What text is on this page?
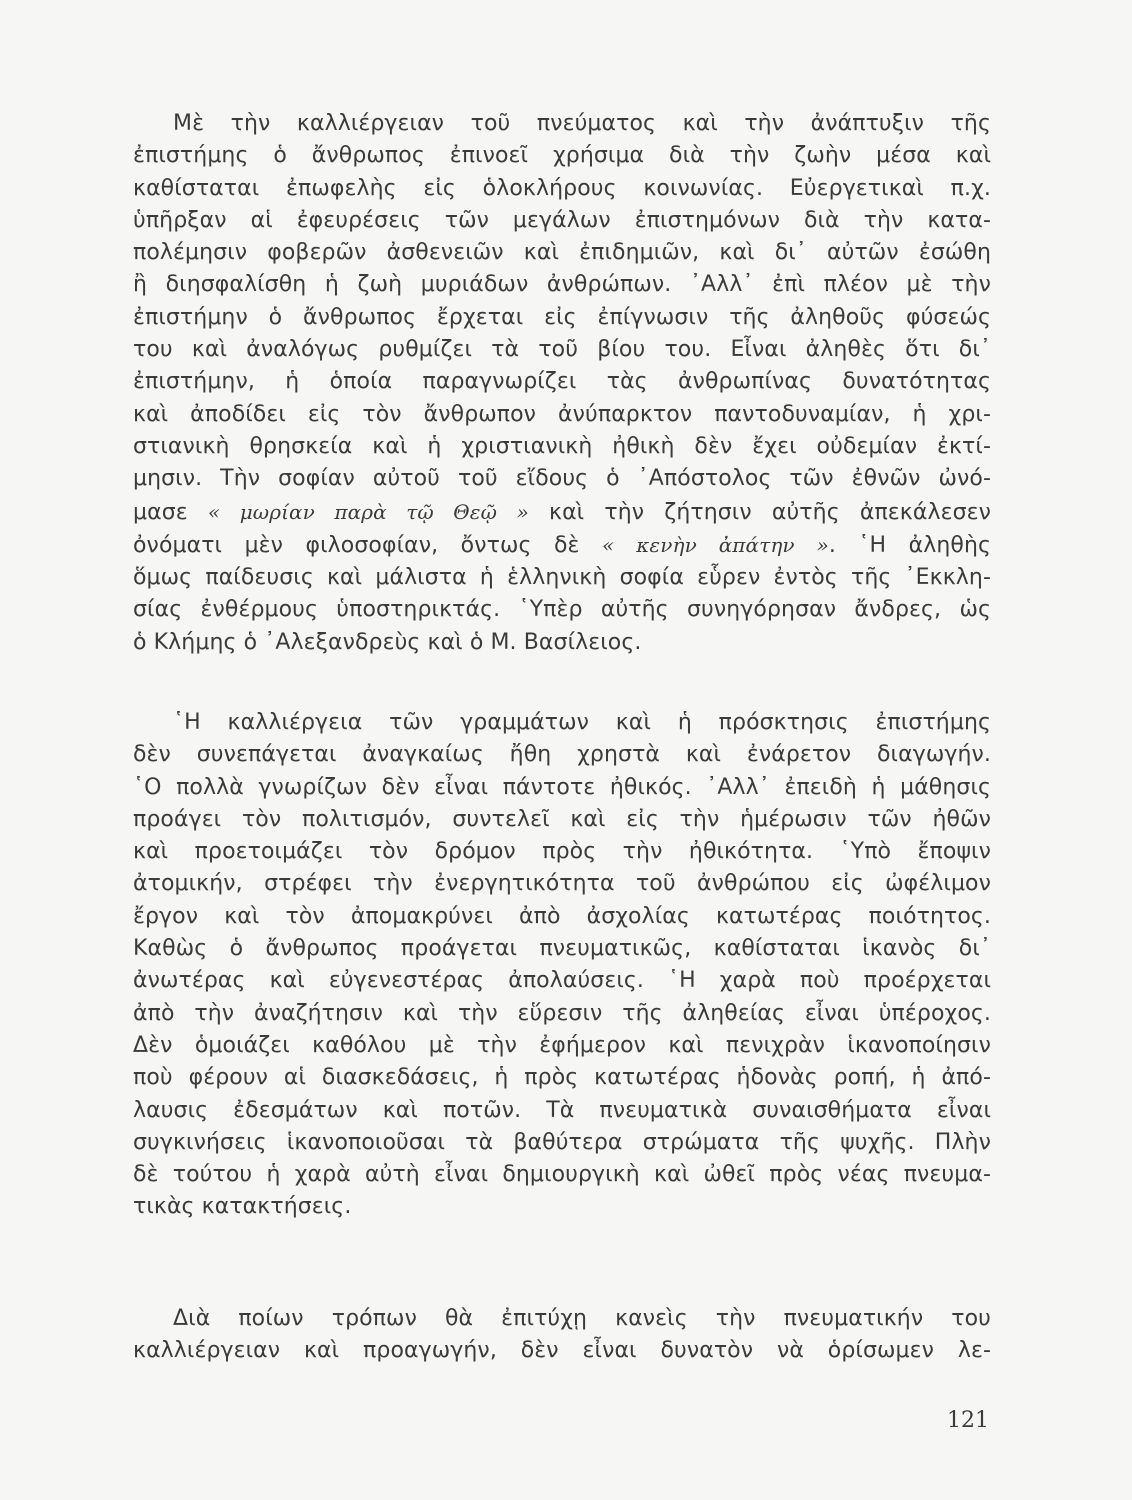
Μὲ τὴν καλλιέργειαν τοῦ πνεύματος καὶ τὴν ἀνάπτυξιν τῆς
ἐπιστήμης ὁ ἄνθρωπος ἐπινοεῖ χρήσιμα διὰ τὴν ζωὴν μέσα καὶ
καθίσταται ἐπωφελὴς εἰς ὁλοκλήρους κοινωνίας. Εὐεργετικαὶ π.χ.
ὑπῆρξαν αἱ ἐφευρέσεις τῶν μεγάλων ἐπιστημόνων διὰ τὴν κατα-
πολέμησιν φοβερῶν ἀσθενειῶν καὶ ἐπιδημιῶν, καὶ δι᾽ αὐτῶν ἐσώθη
ἢ διησφαλίσθη ἡ ζωὴ μυριάδων ἀνθρώπων. ᾽Αλλ᾽ ἐπὶ πλέον μὲ τὴν
ἐπιστήμην ὁ ἄνθρωπος ἔρχεται εἰς ἐπίγνωσιν τῆς ἀληθοῦς φύσεώς
του καὶ ἀναλόγως ρυθμίζει τὰ τοῦ βίου του. Εἶναι ἀληθὲς ὅτι δι᾽
ἐπιστήμην, ἡ ὁποία παραγνωρίζει τὰς ἀνθρωπίνας δυνατότητας
καὶ ἀποδίδει εἰς τὸν ἄνθρωπον ἀνύπαρκτον παντοδυναμίαν, ἡ χρι-
στιανικὴ θρησκεία καὶ ἡ χριστιανικὴ ἠθικὴ δὲν ἔχει οὐδεμίαν ἐκτί-
μησιν. Τὴν σοφίαν αὐτοῦ τοῦ εἴδους ὁ ᾽Απόστολος τῶν ἐθνῶν ὠνό-
μασε « μωρίαν παρὰ τῷ Θεῷ » καὶ τὴν ζήτησιν αὐτῆς ἀπεκάλεσεν
ὀνόματι μὲν φιλοσοφίαν, ὄντως δὲ « κενὴν ἀπάτην ». ῾Η ἀληθὴς
ὅμως παίδευσις καὶ μάλιστα ἡ ἑλληνικὴ σοφία εὗρεν ἐντὸς τῆς ᾽Εκκλη-
σίας ἐνθέρμους ὑποστηρικτάς. ῾Υπὲρ αὐτῆς συνηγόρησαν ἄνδρες, ὡς
ὁ Κλήμης ὁ ᾽Αλεξανδρεὺς καὶ ὁ Μ. Βασίλειος.
῾Η καλλιέργεια τῶν γραμμάτων καὶ ἡ πρόσκτησις ἐπιστήμης
δὲν συνεπάγεται ἀναγκαίως ἤθη χρηστὰ καὶ ἐνάρετον διαγωγήν.
῾Ο πολλὰ γνωρίζων δὲν εἶναι πάντοτε ἠθικός. ᾽Αλλ᾽ ἐπειδὴ ἡ μάθησις
προάγει τὸν πολιτισμόν, συντελεῖ καὶ εἰς τὴν ἡμέρωσιν τῶν ἠθῶν
καὶ προετοιμάζει τὸν δρόμον πρὸς τὴν ἠθικότητα. ῾Υπὸ ἔποψιν
ἀτομικήν, στρέφει τὴν ἐνεργητικότητα τοῦ ἀνθρώπου εἰς ὠφέλιμον
ἔργον καὶ τὸν ἀπομακρύνει ἀπὸ ἀσχολίας κατωτέρας ποιότητος.
Καθὼς ὁ ἄνθρωπος προάγεται πνευματικῶς, καθίσταται ἱκανὸς δι᾽
ἀνωτέρας καὶ εὐγενεστέρας ἀπολαύσεις. ῾Η χαρὰ ποὺ προέρχεται
ἀπὸ τὴν ἀναζήτησιν καὶ τὴν εὕρεσιν τῆς ἀληθείας εἶναι ὑπέροχος.
Δὲν ὁμοιάζει καθόλου μὲ τὴν ἐφήμερον καὶ πενιχρὰν ἱκανοποίησιν
ποὺ φέρουν αἱ διασκεδάσεις, ἡ πρὸς κατωτέρας ἡδονὰς ροπή, ἡ ἀπό-
λαυσις ἐδεσμάτων καὶ ποτῶν. Τὰ πνευματικὰ συναισθήματα εἶναι
συγκινήσεις ἱκανοποιοῦσαι τὰ βαθύτερα στρώματα τῆς ψυχῆς. Πλὴν
δὲ τούτου ἡ χαρὰ αὐτὴ εἶναι δημιουργικὴ καὶ ὠθεῖ πρὸς νέας πνευμα-
τικὰς κατακτήσεις.
Διὰ ποίων τρόπων θὰ ἐπιτύχῃ κανεὶς τὴν πνευματικήν του
καλλιέργειαν καὶ προαγωγήν, δὲν εἶναι δυνατὸν νὰ ὁρίσωμεν λε-
121
